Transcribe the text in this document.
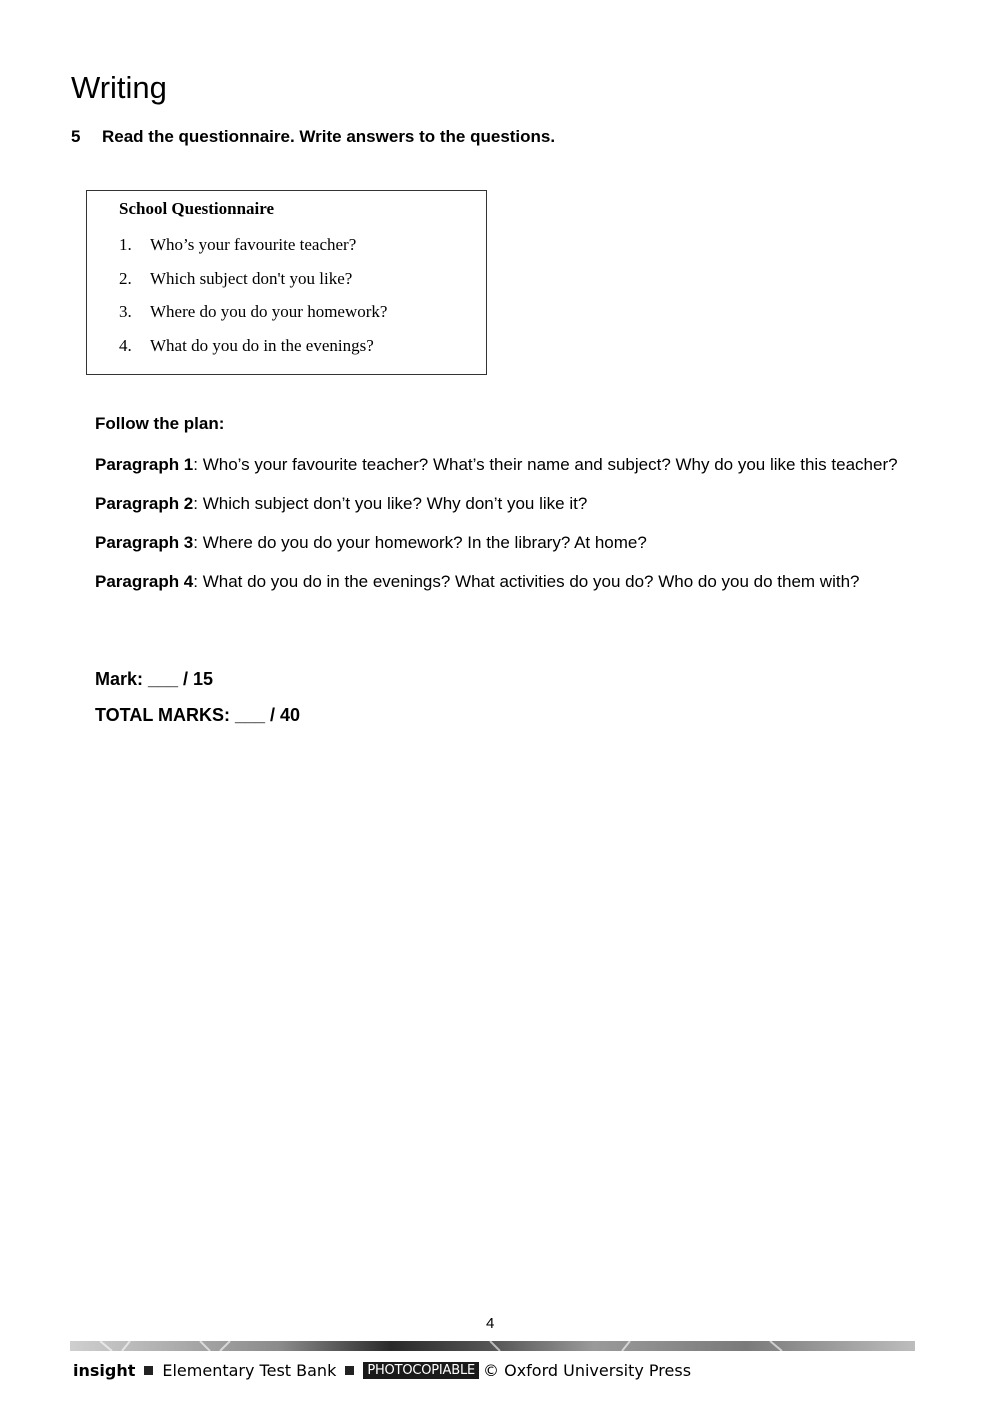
Writing
5 Read the questionnaire. Write answers to the questions.
School Questionnaire
1. Who’s your favourite teacher?
2. Which subject don't you like?
3. Where do you do your homework?
4. What do you do in the evenings?

Follow the plan:

Paragraph 1: Who’s your favourite teacher? What’s their name and subject? Why do you like this teacher?

Paragraph 2: Which subject don’t you like? Why don’t you like it?

Paragraph 3: Where do you do your homework? In the library? At home?

Paragraph 4: What do you do in the evenings? What activities do you do? Who do you do them with?

Mark: ___ / 15
TOTAL MARKS: ___ / 40
4
insight Elementary Test Bank	PHOTOCOPIABLE © Oxford University Press
